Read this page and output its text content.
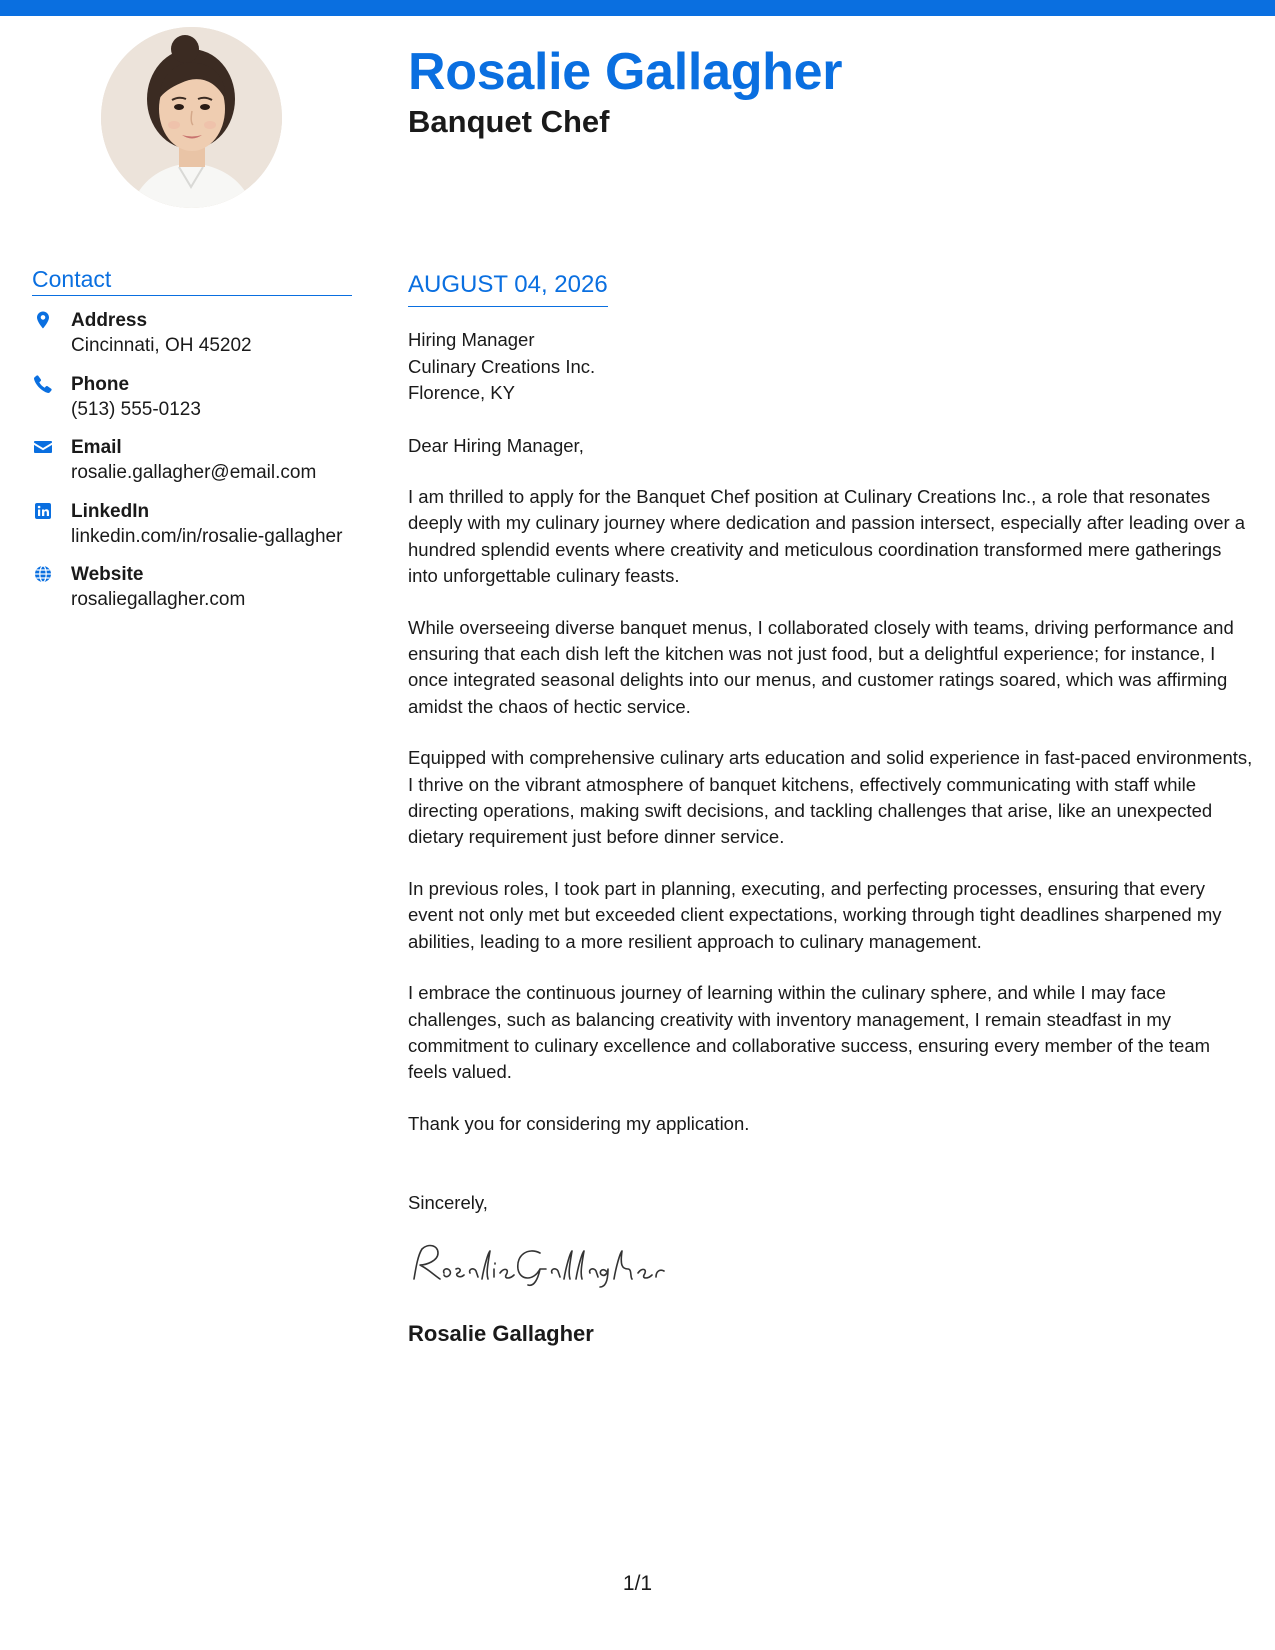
Rosalie Gallagher
Banquet Chef
Contact
Address
Cincinnati, OH 45202
Phone
(513) 555-0123
Email
rosalie.gallagher@email.com
LinkedIn
linkedin.com/in/rosalie-gallagher
Website
rosaliegallagher.com
AUGUST 04, 2026
Hiring Manager
Culinary Creations Inc.
Florence, KY
Dear Hiring Manager,

I am thrilled to apply for the Banquet Chef position at Culinary Creations Inc., a role that resonates deeply with my culinary journey where dedication and passion intersect, especially after leading over a hundred splendid events where creativity and meticulous coordination transformed mere gatherings into unforgettable culinary feasts.

While overseeing diverse banquet menus, I collaborated closely with teams, driving performance and ensuring that each dish left the kitchen was not just food, but a delightful experience; for instance, I once integrated seasonal delights into our menus, and customer ratings soared, which was affirming amidst the chaos of hectic service.

Equipped with comprehensive culinary arts education and solid experience in fast-paced environments, I thrive on the vibrant atmosphere of banquet kitchens, effectively communicating with staff while directing operations, making swift decisions, and tackling challenges that arise, like an unexpected dietary requirement just before dinner service.

In previous roles, I took part in planning, executing, and perfecting processes, ensuring that every event not only met but exceeded client expectations, working through tight deadlines sharpened my abilities, leading to a more resilient approach to culinary management.

I embrace the continuous journey of learning within the culinary sphere, and while I may face challenges, such as balancing creativity with inventory management, I remain steadfast in my commitment to culinary excellence and collaborative success, ensuring every member of the team feels valued.

Thank you for considering my application.

Sincerely,
Rosalie Gallagher
1/1
